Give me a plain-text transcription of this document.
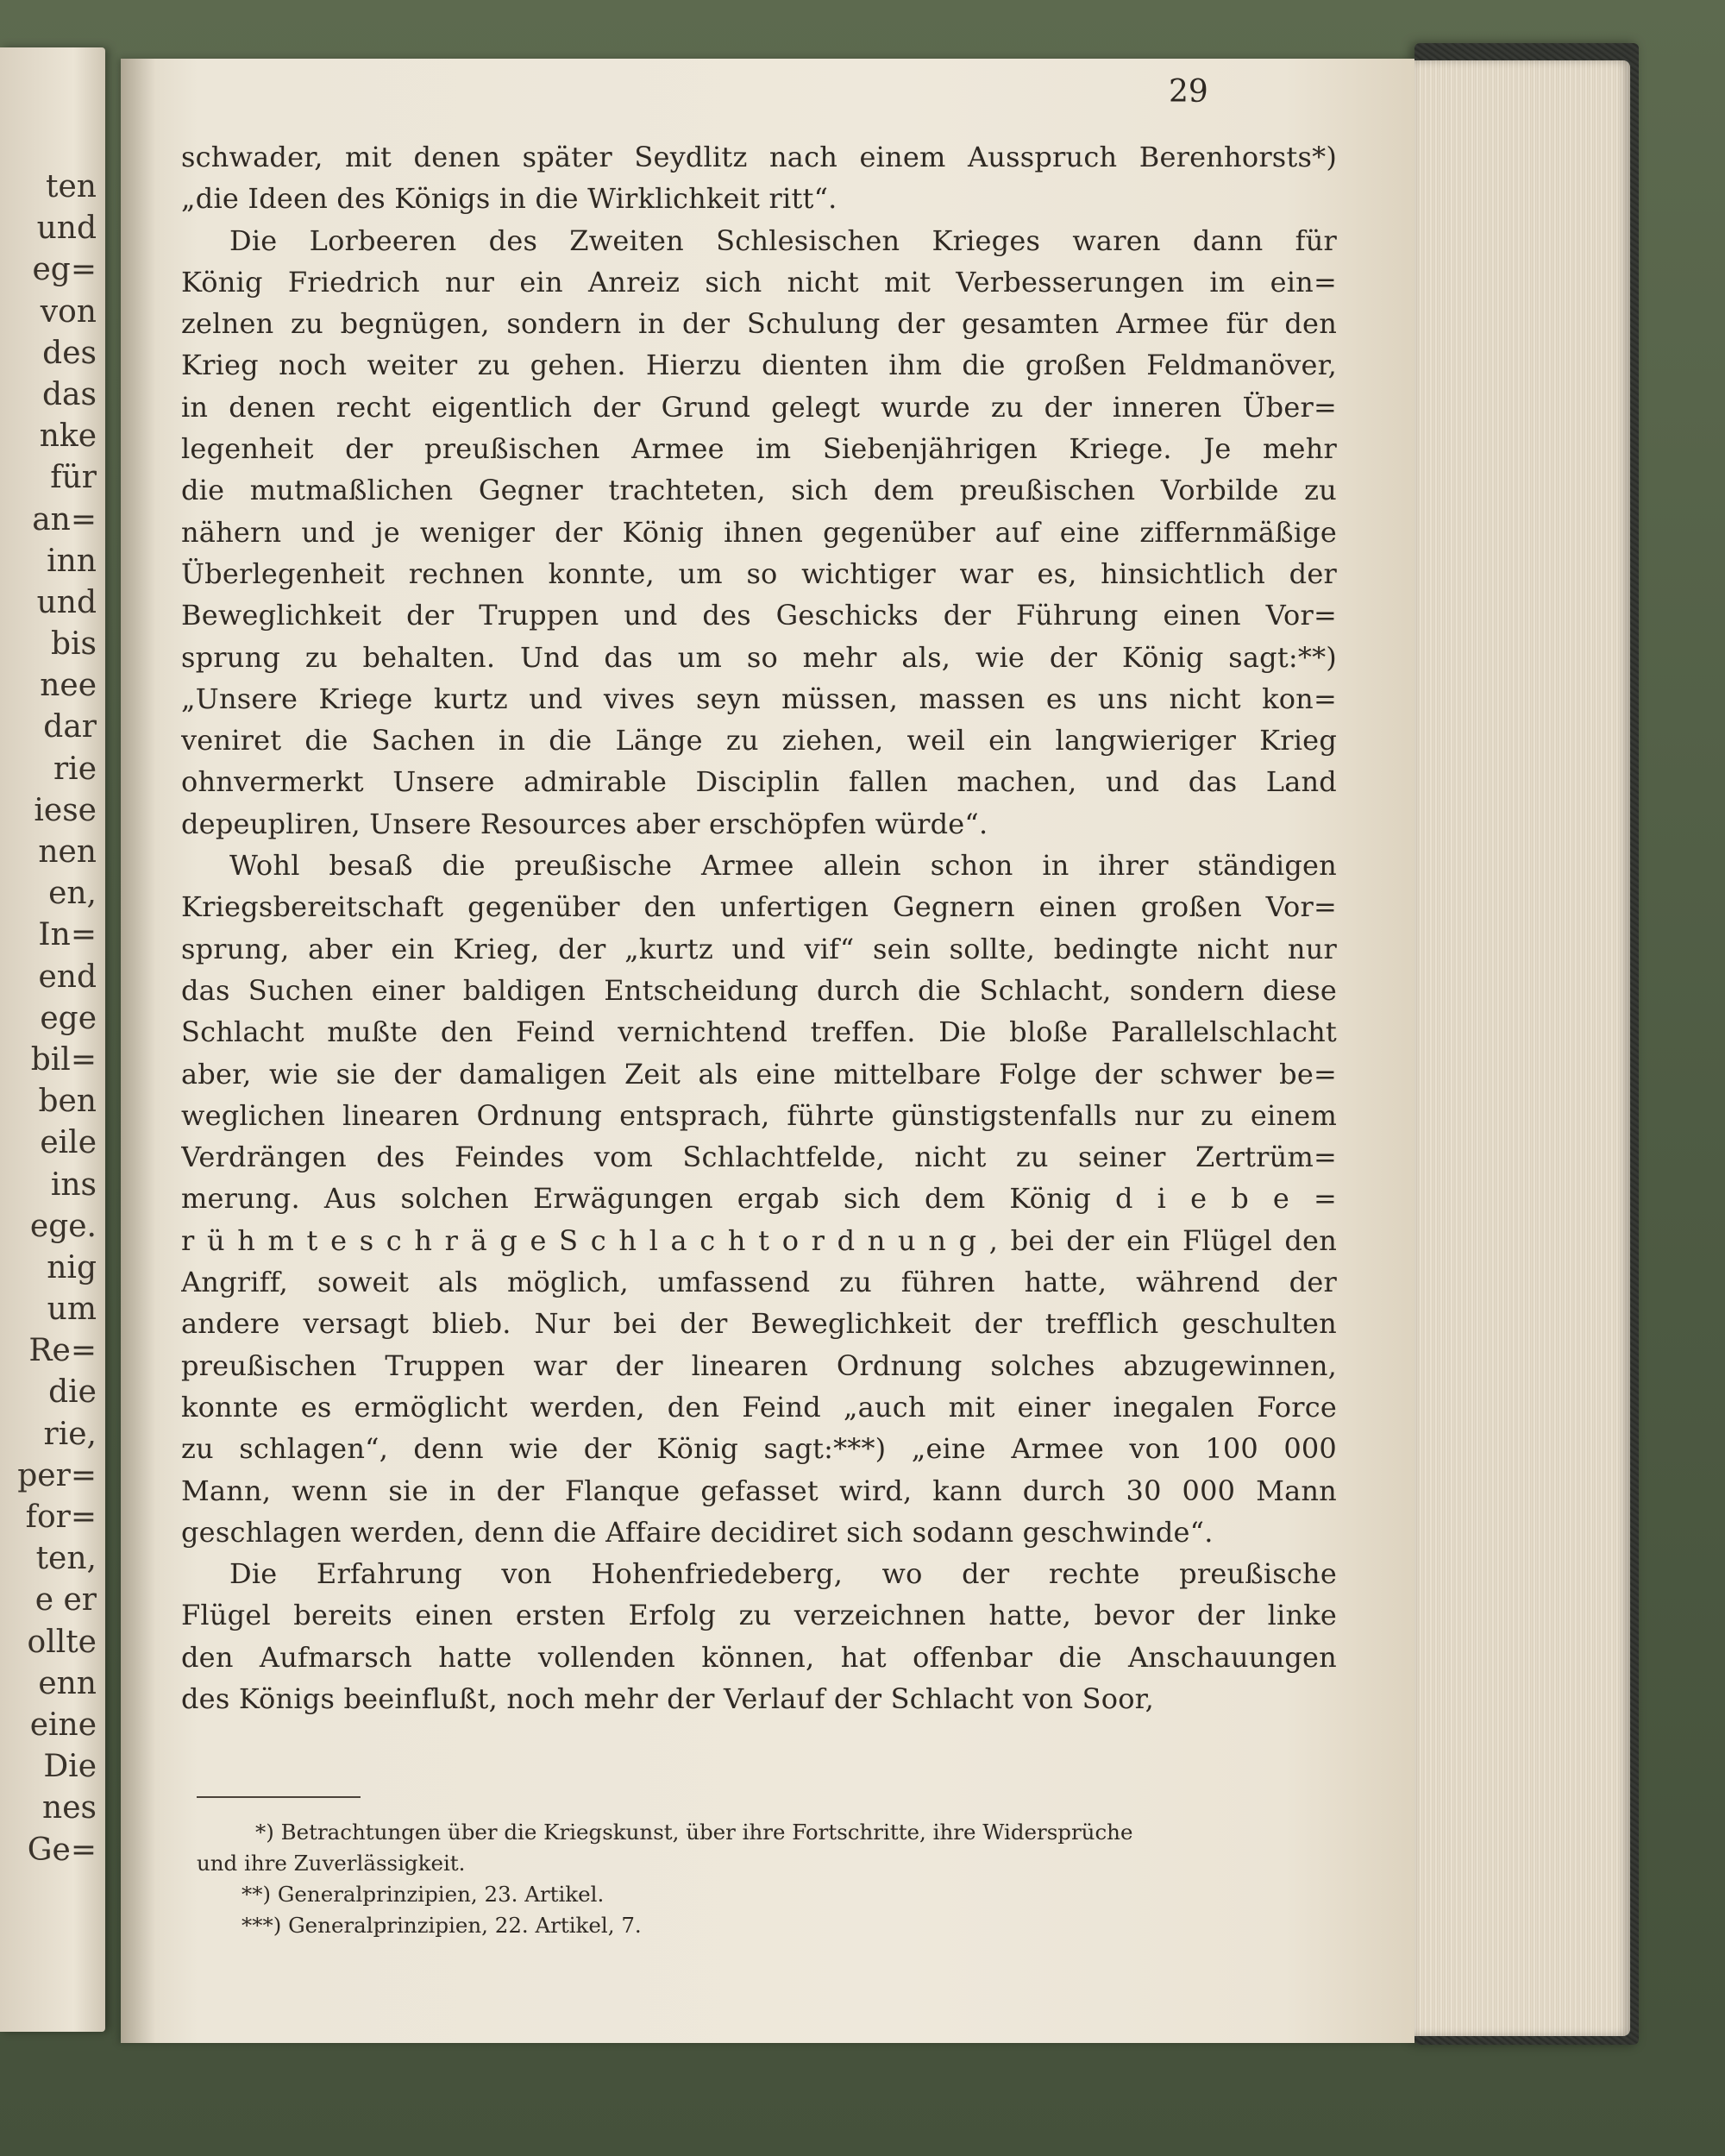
ten
und
eg=
von
des
das
nke
für
an=
inn
und
bis
nee
dar
rie
iese
nen
en,
In=
end
ege
bil=
ben
eile
ins
ege.
nig
um
Re=
die
rie,
per=
for=
ten,
e er
ollte
enn
eine
Die
nes
Ge=
29
schwader, mit denen später Seydlitz nach einem Ausspruch Berenhorsts*)
„die Ideen des Königs in die Wirklichkeit ritt“.
Die Lorbeeren des Zweiten Schlesischen Krieges waren dann für
König Friedrich nur ein Anreiz sich nicht mit Verbesserungen im ein=
zelnen zu begnügen, sondern in der Schulung der gesamten Armee für den
Krieg noch weiter zu gehen. Hierzu dienten ihm die großen Feldmanöver,
in denen recht eigentlich der Grund gelegt wurde zu der inneren Über=
legenheit der preußischen Armee im Siebenjährigen Kriege. Je mehr
die mutmaßlichen Gegner trachteten, sich dem preußischen Vorbilde zu
nähern und je weniger der König ihnen gegenüber auf eine ziffernmäßige
Überlegenheit rechnen konnte, um so wichtiger war es, hinsichtlich der
Beweglichkeit der Truppen und des Geschicks der Führung einen Vor=
sprung zu behalten. Und das um so mehr als, wie der König sagt:**)
„Unsere Kriege kurtz und vives seyn müssen, massen es uns nicht kon=
veniret die Sachen in die Länge zu ziehen, weil ein langwieriger Krieg
ohnvermerkt Unsere admirable Disciplin fallen machen, und das Land
depeupliren, Unsere Resources aber erschöpfen würde“.
Wohl besaß die preußische Armee allein schon in ihrer ständigen
Kriegsbereitschaft gegenüber den unfertigen Gegnern einen großen Vor=
sprung, aber ein Krieg, der „kurtz und vif“ sein sollte, bedingte nicht nur
das Suchen einer baldigen Entscheidung durch die Schlacht, sondern diese
Schlacht mußte den Feind vernichtend treffen. Die bloße Parallelschlacht
aber, wie sie der damaligen Zeit als eine mittelbare Folge der schwer be=
weglichen linearen Ordnung entsprach, führte günstigstenfalls nur zu einem
Verdrängen des Feindes vom Schlachtfelde, nicht zu seiner Zertrüm=
merung. Aus solchen Erwägungen ergab sich dem König d i e b e =
r ü h m t e s c h r ä g e S c h l a c h t o r d n u n g , bei der ein Flügel den
Angriff, soweit als möglich, umfassend zu führen hatte, während der
andere versagt blieb. Nur bei der Beweglichkeit der trefflich geschulten
preußischen Truppen war der linearen Ordnung solches abzugewinnen,
konnte es ermöglicht werden, den Feind „auch mit einer inegalen Force
zu schlagen“, denn wie der König sagt:***) „eine Armee von 100 000
Mann, wenn sie in der Flanque gefasset wird, kann durch 30 000 Mann
geschlagen werden, denn die Affaire decidiret sich sodann geschwinde“.
Die Erfahrung von Hohenfriedeberg, wo der rechte preußische
Flügel bereits einen ersten Erfolg zu verzeichnen hatte, bevor der linke
den Aufmarsch hatte vollenden können, hat offenbar die Anschauungen
des Königs beeinflußt, noch mehr der Verlauf der Schlacht von Soor,
*) Betrachtungen über die Kriegskunst, über ihre Fortschritte, ihre Widersprüche
und ihre Zuverlässigkeit.
**) Generalprinzipien, 23. Artikel.
***) Generalprinzipien, 22. Artikel, 7.
